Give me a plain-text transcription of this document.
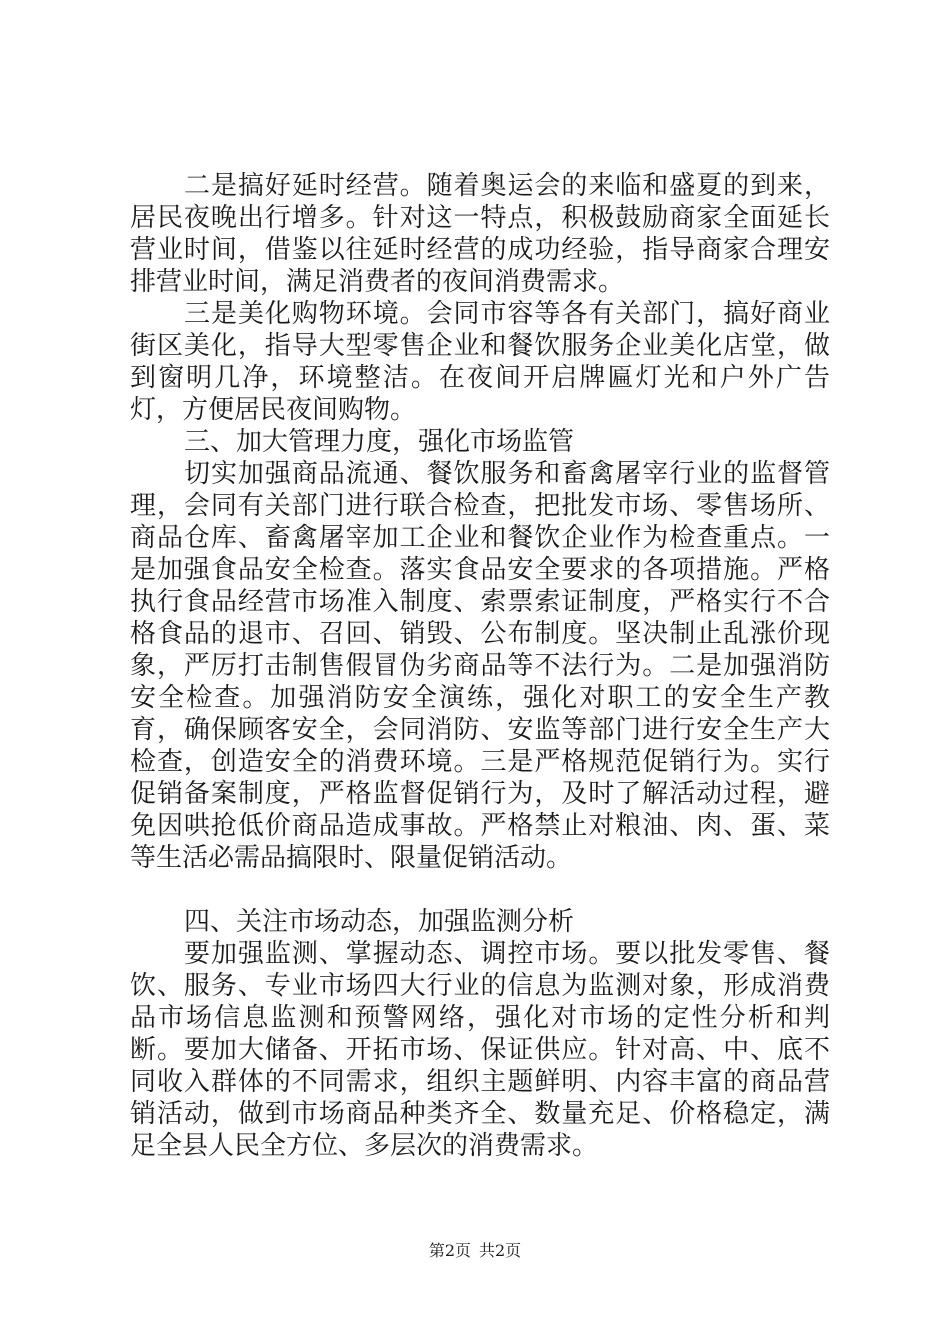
二是搞好延时经营。随着奥运会的来临和盛夏的到来，居民夜晚出行增多。针对这一特点，积极鼓励商家全面延长营业时间，借鉴以往延时经营的成功经验，指导商家合理安排营业时间，满足消费者的夜间消费需求。

三是美化购物环境。会同市容等各有关部门，搞好商业街区美化，指导大型零售企业和餐饮服务企业美化店堂，做到窗明几净，环境整洁。在夜间开启牌匾灯光和户外广告灯，方便居民夜间购物。

三、加大管理力度，强化市场监管

切实加强商品流通、餐饮服务和畜禽屠宰行业的监督管理，会同有关部门进行联合检查，把批发市场、零售场所、商品仓库、畜禽屠宰加工企业和餐饮企业作为检查重点。一是加强食品安全检查。落实食品安全要求的各项措施。严格执行食品经营市场准入制度、索票索证制度，严格实行不合格食品的退市、召回、销毁、公布制度。坚决制止乱涨价现象，严厉打击制售假冒伪劣商品等不法行为。二是加强消防安全检查。加强消防安全演练，强化对职工的安全生产教育，确保顾客安全，会同消防、安监等部门进行安全生产大检查，创造安全的消费环境。三是严格规范促销行为。实行促销备案制度，严格监督促销行为，及时了解活动过程，避免因哄抢低价商品造成事故。严格禁止对粮油、肉、蛋、菜等生活必需品搞限时、限量促销活动。

四、关注市场动态，加强监测分析

要加强监测、掌握动态、调控市场。要以批发零售、餐饮、服务、专业市场四大行业的信息为监测对象，形成消费品市场信息监测和预警网络，强化对市场的定性分析和判断。要加大储备、开拓市场、保证供应。针对高、中、底不同收入群体的不同需求，组织主题鲜明、内容丰富的商品营销活动，做到市场商品种类齐全、数量充足、价格稳定，满足全县人民全方位、多层次的消费需求。

第2页 共2页
